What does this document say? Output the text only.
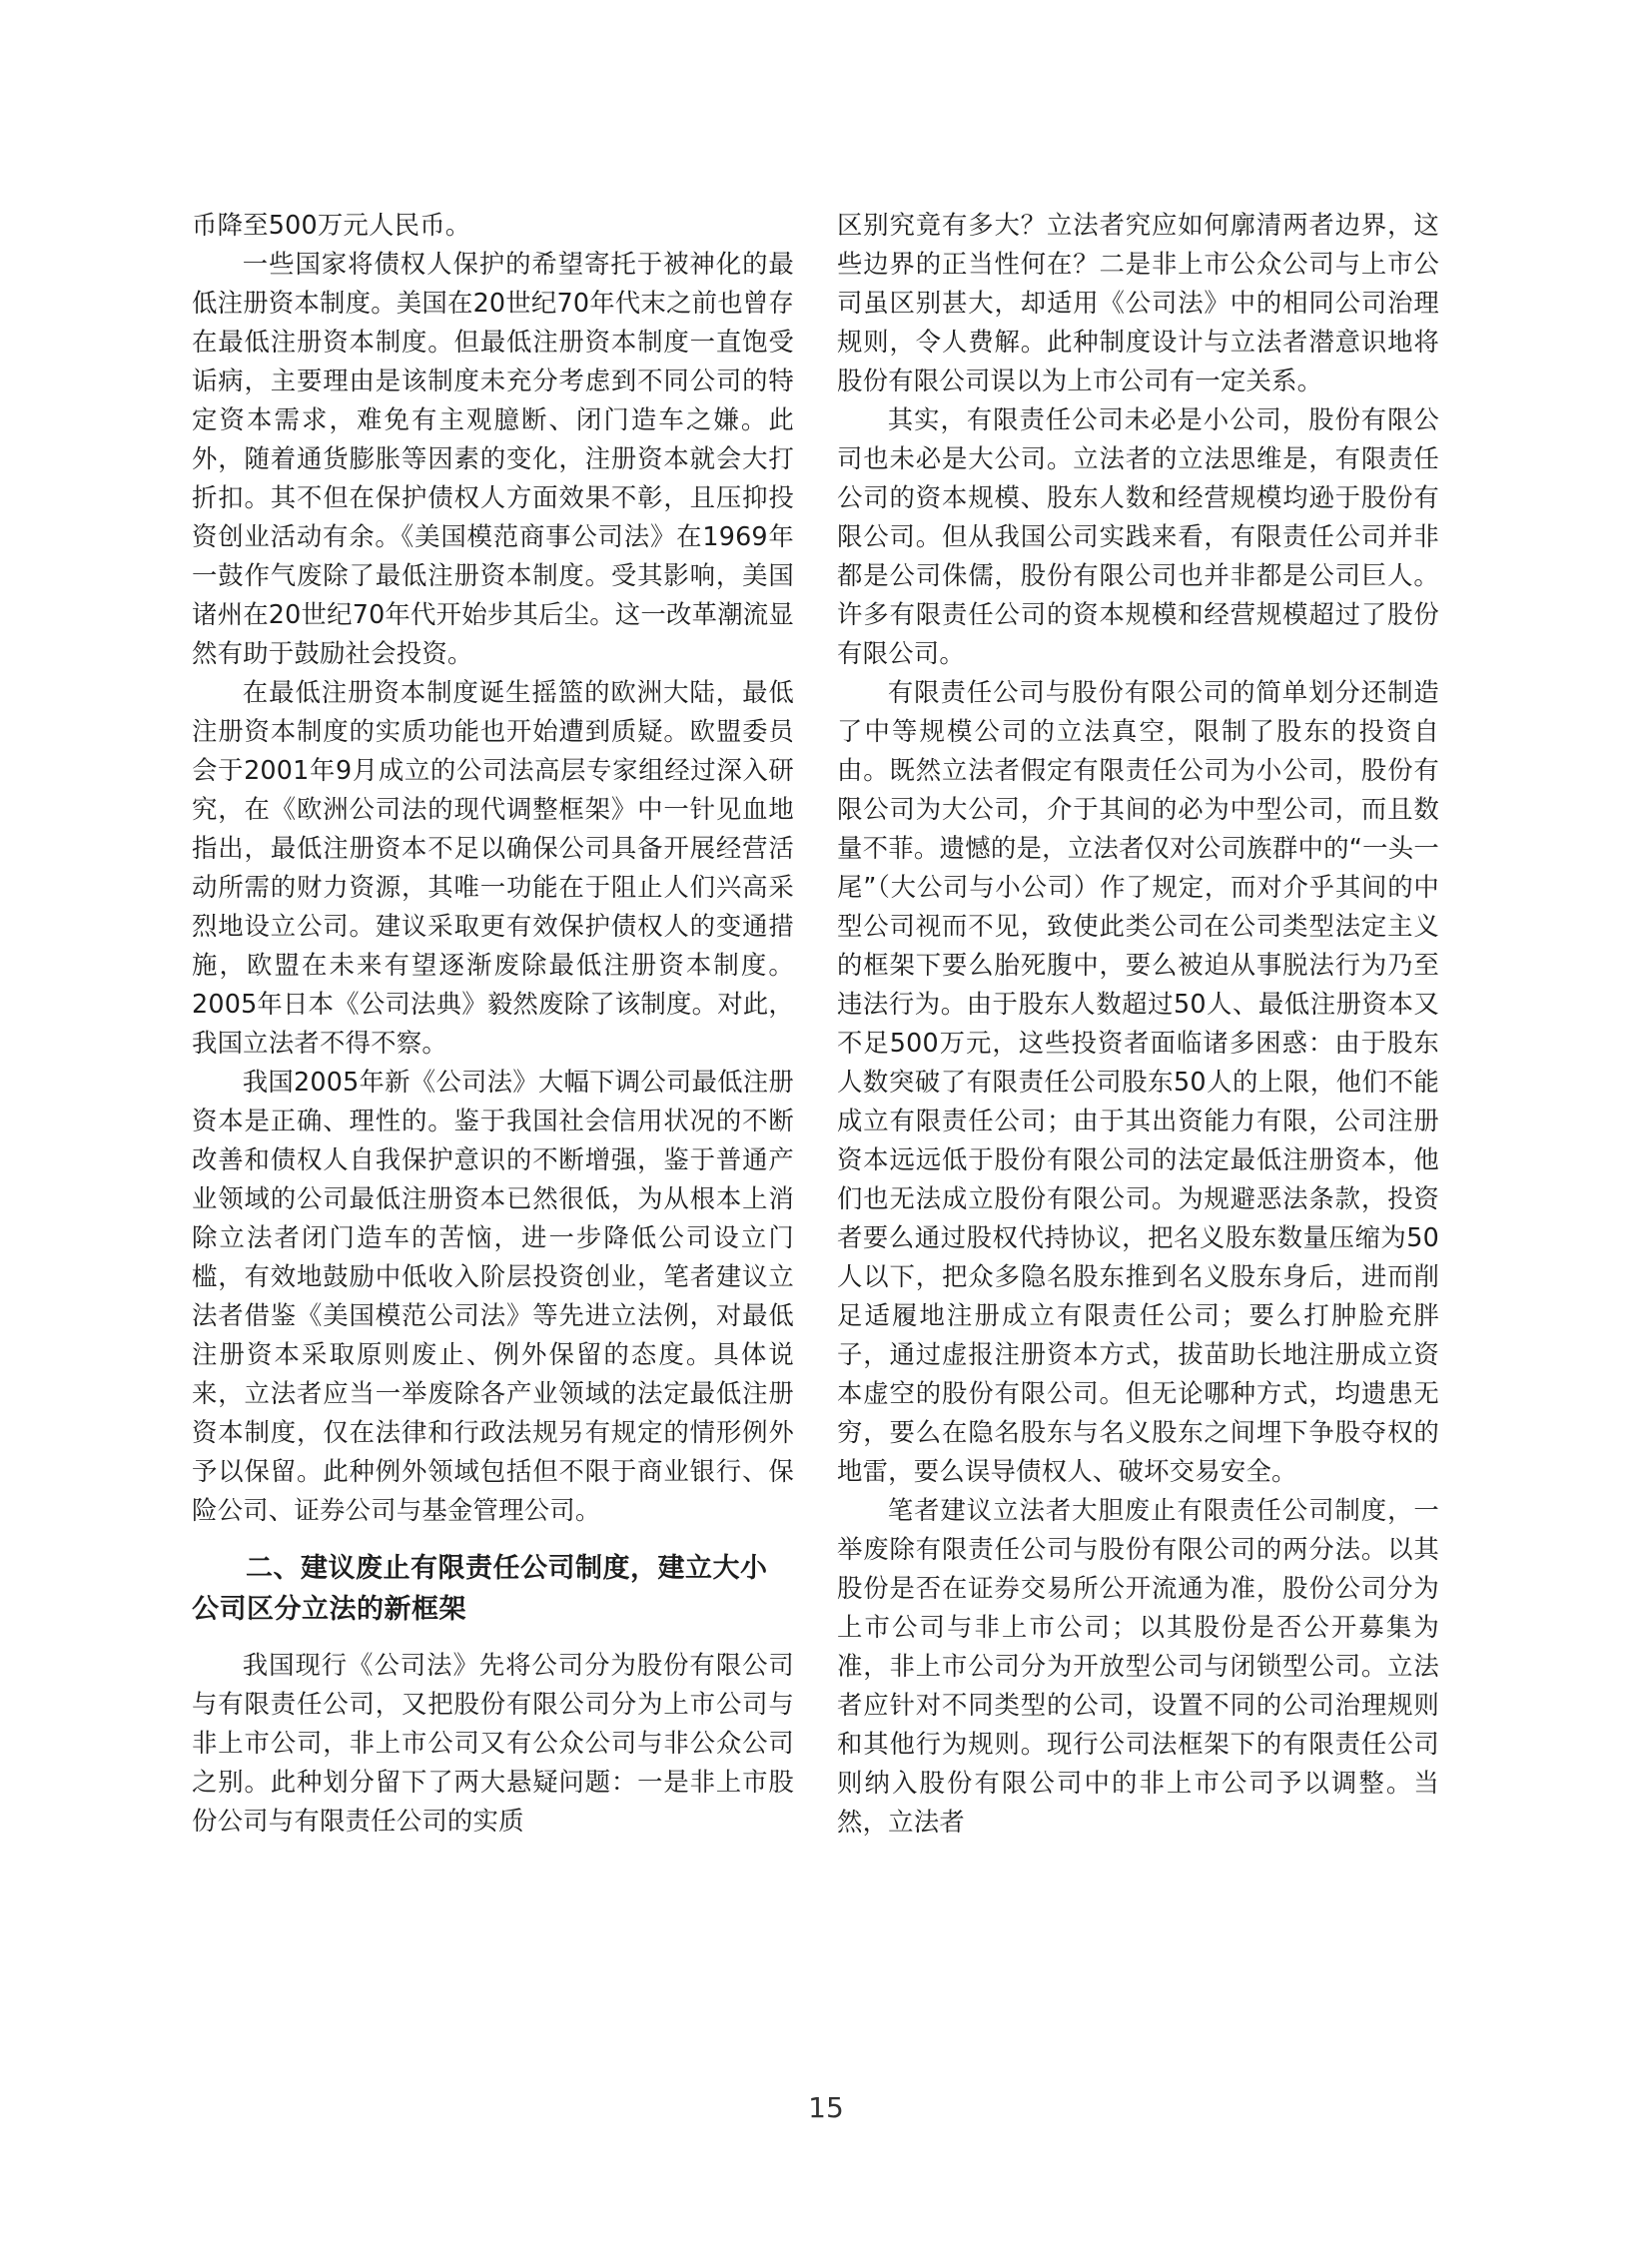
币降至500万元人民币。

一些国家将债权人保护的希望寄托于被神化的最低注册资本制度。美国在20世纪70年代末之前也曾存在最低注册资本制度。但最低注册资本制度一直饱受诟病，主要理由是该制度未充分考虑到不同公司的特定资本需求，难免有主观臆断、闭门造车之嫌。此外，随着通货膨胀等因素的变化，注册资本就会大打折扣。其不但在保护债权人方面效果不彰，且压抑投资创业活动有余。《美国模范商事公司法》在1969年一鼓作气废除了最低注册资本制度。受其影响，美国诸州在20世纪70年代开始步其后尘。这一改革潮流显然有助于鼓励社会投资。

在最低注册资本制度诞生摇篮的欧洲大陆，最低注册资本制度的实质功能也开始遭到质疑。欧盟委员会于2001年9月成立的公司法高层专家组经过深入研究，在《欧洲公司法的现代调整框架》中一针见血地指出，最低注册资本不足以确保公司具备开展经营活动所需的财力资源，其唯一功能在于阻止人们兴高采烈地设立公司。建议采取更有效保护债权人的变通措施，欧盟在未来有望逐渐废除最低注册资本制度。2005年日本《公司法典》毅然废除了该制度。对此，我国立法者不得不察。

我国2005年新《公司法》大幅下调公司最低注册资本是正确、理性的。鉴于我国社会信用状况的不断改善和债权人自我保护意识的不断增强，鉴于普通产业领域的公司最低注册资本已然很低，为从根本上消除立法者闭门造车的苦恼，进一步降低公司设立门槛，有效地鼓励中低收入阶层投资创业，笔者建议立法者借鉴《美国模范公司法》等先进立法例，对最低注册资本采取原则废止、例外保留的态度。具体说来，立法者应当一举废除各产业领域的法定最低注册资本制度，仅在法律和行政法规另有规定的情形例外予以保留。此种例外领域包括但不限于商业银行、保险公司、证券公司与基金管理公司。

二、建议废止有限责任公司制度，建立大小公司区分立法的新框架

我国现行《公司法》先将公司分为股份有限公司与有限责任公司，又把股份有限公司分为上市公司与非上市公司，非上市公司又有公众公司与非公众公司之别。此种划分留下了两大悬疑问题：一是非上市股份公司与有限责任公司的实质

区别究竟有多大？立法者究应如何廓清两者边界，这些边界的正当性何在？二是非上市公众公司与上市公司虽区别甚大，却适用《公司法》中的相同公司治理规则，令人费解。此种制度设计与立法者潜意识地将股份有限公司误以为上市公司有一定关系。

其实，有限责任公司未必是小公司，股份有限公司也未必是大公司。立法者的立法思维是，有限责任公司的资本规模、股东人数和经营规模均逊于股份有限公司。但从我国公司实践来看，有限责任公司并非都是公司侏儒，股份有限公司也并非都是公司巨人。许多有限责任公司的资本规模和经营规模超过了股份有限公司。

有限责任公司与股份有限公司的简单划分还制造了中等规模公司的立法真空，限制了股东的投资自由。既然立法者假定有限责任公司为小公司，股份有限公司为大公司，介于其间的必为中型公司，而且数量不菲。遗憾的是，立法者仅对公司族群中的“一头一尾”（大公司与小公司）作了规定，而对介乎其间的中型公司视而不见，致使此类公司在公司类型法定主义的框架下要么胎死腹中，要么被迫从事脱法行为乃至违法行为。由于股东人数超过50人、最低注册资本又不足500万元，这些投资者面临诸多困惑：由于股东人数突破了有限责任公司股东50人的上限，他们不能成立有限责任公司；由于其出资能力有限，公司注册资本远远低于股份有限公司的法定最低注册资本，他们也无法成立股份有限公司。为规避恶法条款，投资者要么通过股权代持协议，把名义股东数量压缩为50人以下，把众多隐名股东推到名义股东身后，进而削足适履地注册成立有限责任公司；要么打肿脸充胖子，通过虚报注册资本方式，拔苗助长地注册成立资本虚空的股份有限公司。但无论哪种方式，均遗患无穷，要么在隐名股东与名义股东之间埋下争股夺权的地雷，要么误导债权人、破坏交易安全。

笔者建议立法者大胆废止有限责任公司制度，一举废除有限责任公司与股份有限公司的两分法。以其股份是否在证券交易所公开流通为准，股份公司分为上市公司与非上市公司；以其股份是否公开募集为准，非上市公司分为开放型公司与闭锁型公司。立法者应针对不同类型的公司，设置不同的公司治理规则和其他行为规则。现行公司法框架下的有限责任公司则纳入股份有限公司中的非上市公司予以调整。当然，立法者

15
